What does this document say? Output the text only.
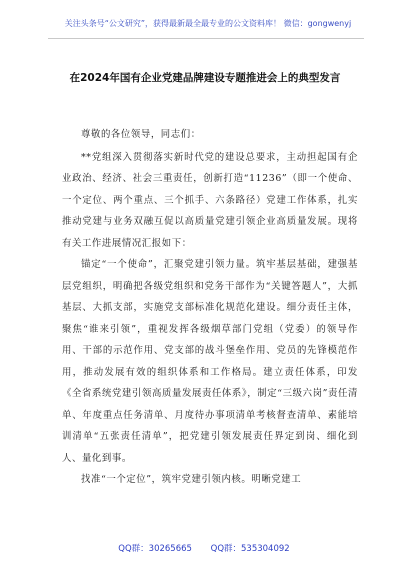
关注头条号“公文研究”，获得最新最全最专业的公文资料库！ 微信：gongwenyj
在2024年国有企业党建品牌建设专题推进会上的典型发言

尊敬的各位领导，同志们：

**党组深入贯彻落实新时代党的建设总要求，主动担起国有企业政治、经济、社会三重责任，创新打造“11236”（即一个使命、一个定位、两个重点、三个抓手、六条路径）党建工作体系，扎实推动党建与业务双融互促以高质量党建引领企业高质量发展。现将有关工作进展情况汇报如下：

锚定“一个使命”，汇聚党建引领力量。筑牢基层基础，建强基层党组织，明确把各级党组织和党务干部作为“关键答题人”，大抓基层、大抓支部，实施党支部标准化规范化建设。细分责任主体，聚焦“谁来引领”，重视发挥各级烟草部门党组（党委）的领导作用、干部的示范作用、党支部的战斗堡垒作用、党员的先锋模范作用，推动发展有效的组织体系和工作格局。建立责任体系，印发《全省系统党建引领高质量发展责任体系》，制定“三级六岗”责任清单、年度重点任务清单、月度待办事项清单考核督查清单、素能培训清单“五张责任清单”，把党建引领发展责任界定到岗、细化到人、量化到事。

找准“一个定位”，筑牢党建引领内核。明晰党建工

QQ群：30265665 QQ群：535304092
